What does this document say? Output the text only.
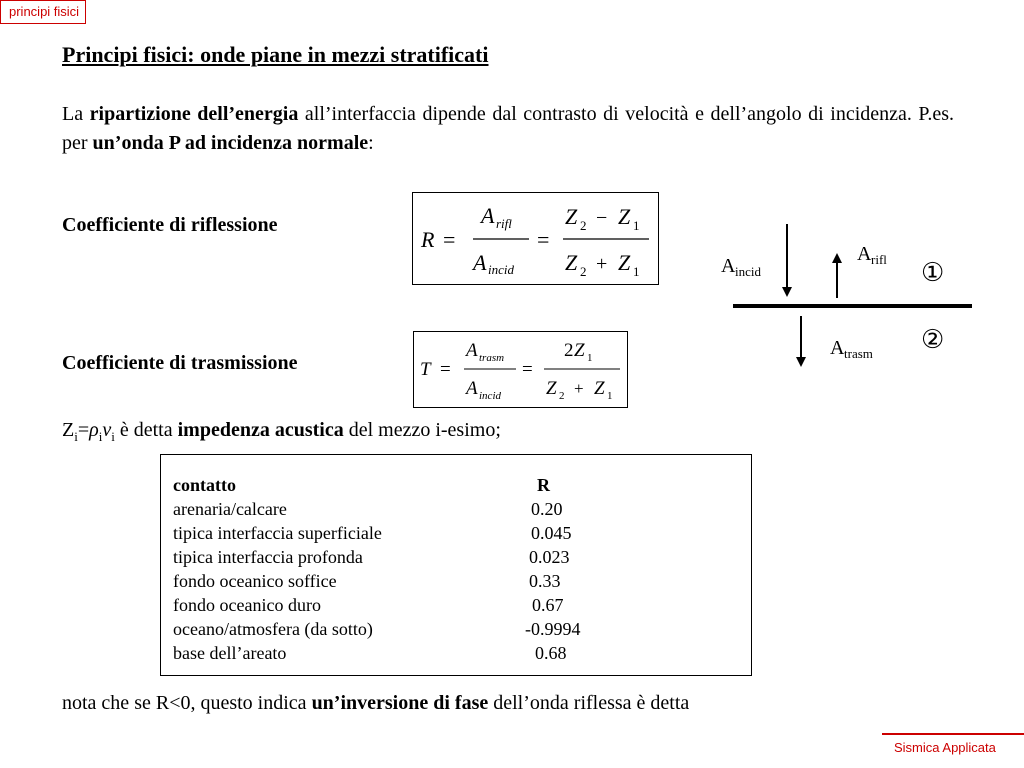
principi fisici
Principi fisici: onde piane in mezzi stratificati
La ripartizione dell’energia all’interfaccia dipende dal contrasto di velocità e dell’angolo di incidenza. P.es. per un’onda P ad incidenza normale:
Coefficiente di riflessione
R =
A rifl
A incid
=
Z 2 − Z 1
Z 2 + Z 1
Coefficiente di trasmissione	T =
A trasm
A incid
=
2 Z 1
Z 2 + Z 1
A incid
A rifl
A trasm
①
②
$Z_i=\rho_iv_i$ è detta impedenza acustica del mezzo i-esimo;
contatto	R
arenaria/calcare	0.20
tipica interfaccia superficiale	0.045
tipica interfaccia profonda	0.023
fondo oceanico soffice	0.33
fondo oceanico duro	0.67
oceano/atmosfera (da sotto)	-0.9994
base dell’areato	0.68
nota che se R<0, questo indica un’inversione di fase dell’onda riflessa è detta
Sismica Applicata
